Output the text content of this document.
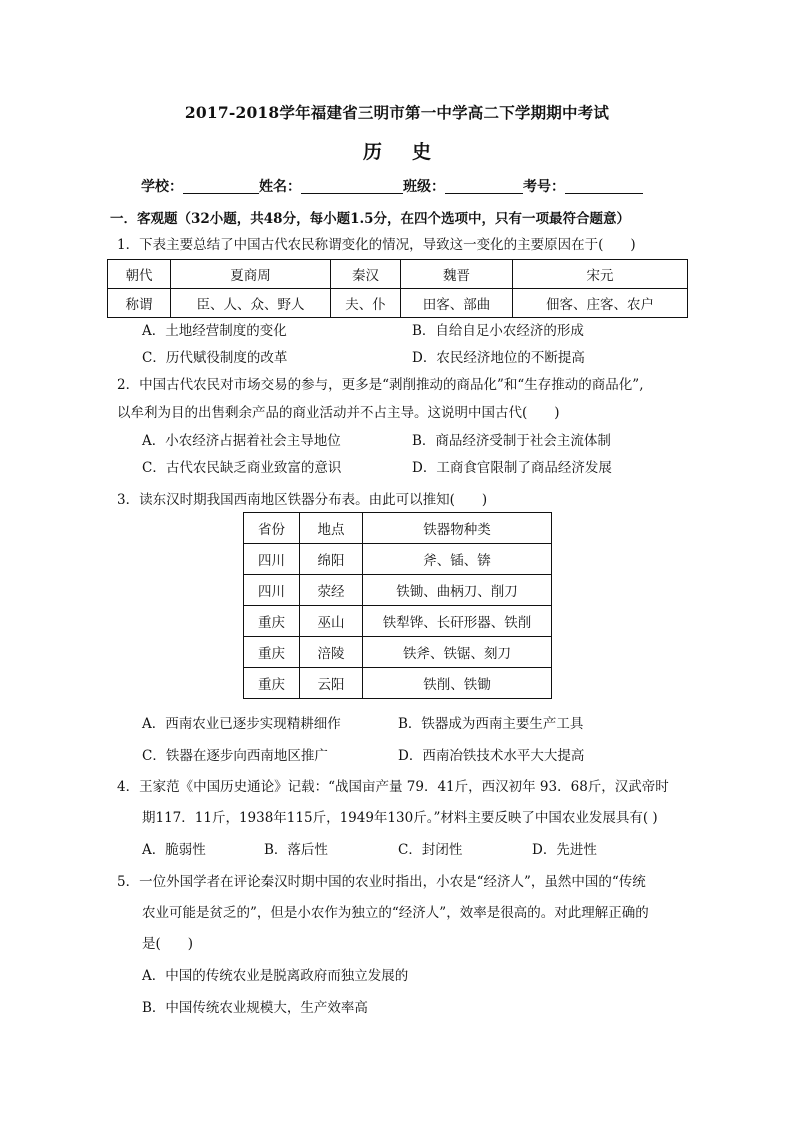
2017-2018学年福建省三明市第一中学高二下学期期中考试
历 史
学校：	姓名：	班级：	考号：
一．客观题（32小题，共48分，每小题1.5分，在四个选项中，只有一项最符合题意）
1．下表主要总结了中国古代农民称谓变化的情况，导致这一变化的主要原因在于(　　)
朝代	夏商周	秦汉	魏晋	宋元
称谓	臣、人、众、野人	夫、仆	田客、部曲	佃客、庄客、农户
A．土地经营制度的变化	B．自给自足小农经济的形成
C．历代赋役制度的改革	D．农民经济地位的不断提高
2．中国古代农民对市场交易的参与，更多是“剥削推动的商品化”和“生存推动的商品化”,
以牟利为目的出售剩余产品的商业活动并不占主导。这说明中国古代(　　)
A．小农经济占据着社会主导地位	B．商品经济受制于社会主流体制
C．古代农民缺乏商业致富的意识	D．工商食官限制了商品经济发展
3．读东汉时期我国西南地区铁器分布表。由此可以推知(　　)
省份	地点	铁器物种类
四川	绵阳	斧、锸、锛
四川	荥经	铁锄、曲柄刀、削刀
重庆	巫山	铁犁铧、长矸形器、铁削
重庆	涪陵	铁斧、铁锯、刻刀
重庆	云阳	铁削、铁锄
A．西南农业已逐步实现精耕细作	B．铁器成为西南主要生产工具
C．铁器在逐步向西南地区推广	D．西南冶铁技术水平大大提高
4．王家范《中国历史通论》记载：“战国亩产量 79．41斤，西汉初年 93．68斤，汉武帝时
期117．11斤，1938年115斤，1949年130斤。”材料主要反映了中国农业发展具有( )
A．脆弱性	B．落后性	C．封闭性	D．先进性
5．一位外国学者在评论秦汉时期中国的农业时指出，小农是“经济人”，虽然中国的“传统
农业可能是贫乏的”，但是小农作为独立的“经济人”，效率是很高的。对此理解正确的
是(　　)
A．中国的传统农业是脱离政府而独立发展的
B．中国传统农业规模大，生产效率高
